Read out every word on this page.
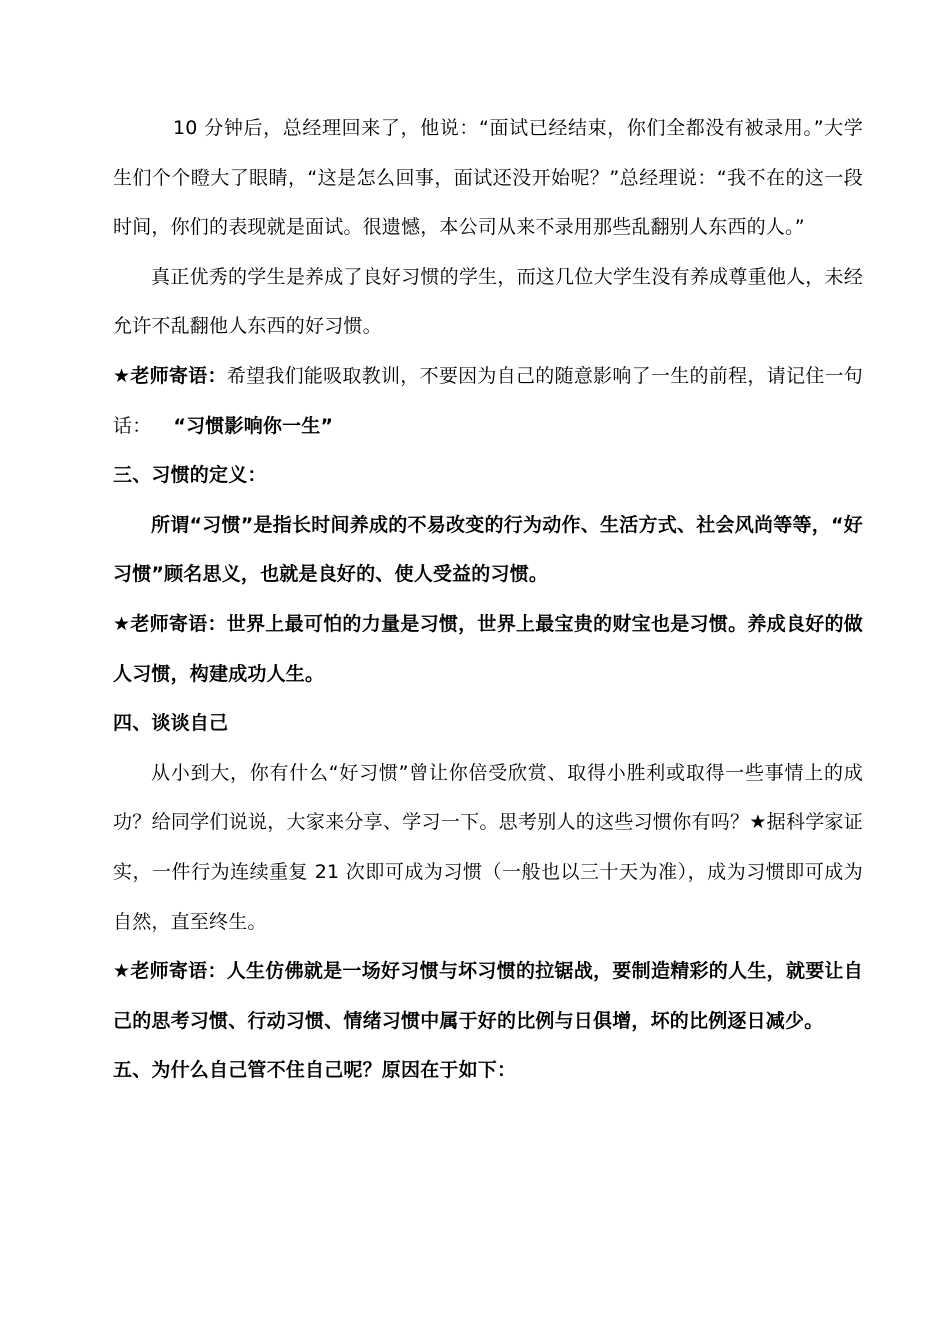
10 分钟后，总经理回来了，他说：“面试已经结束，你们全都没有被录用。”大学生们个个瞪大了眼睛，“这是怎么回事，面试还没开始呢？”总经理说：“我不在的这一段时间，你们的表现就是面试。很遗憾，本公司从来不录用那些乱翻别人东西的人。”

真正优秀的学生是养成了良好习惯的学生，而这几位大学生没有养成尊重他人，未经允许不乱翻他人东西的好习惯。

★老师寄语：希望我们能吸取教训，不要因为自己的随意影响了一生的前程，请记住一句话： “习惯影响你一生”

三、习惯的定义：

所谓“习惯”是指长时间养成的不易改变的行为动作、生活方式、社会风尚等等，“好习惯”顾名思义，也就是良好的、使人受益的习惯。

★老师寄语：世界上最可怕的力量是习惯，世界上最宝贵的财宝也是习惯。养成良好的做人习惯，构建成功人生。

四、谈谈自己

从小到大，你有什么“好习惯”曾让你倍受欣赏、取得小胜利或取得一些事情上的成功？给同学们说说，大家来分享、学习一下。思考别人的这些习惯你有吗？★据科学家证实，一件行为连续重复 21 次即可成为习惯（一般也以三十天为准），成为习惯即可成为自然，直至终生。

★老师寄语：人生仿佛就是一场好习惯与坏习惯的拉锯战，要制造精彩的人生，就要让自己的思考习惯、行动习惯、情绪习惯中属于好的比例与日俱增，坏的比例逐日减少。

五、为什么自己管不住自己呢？原因在于如下：
